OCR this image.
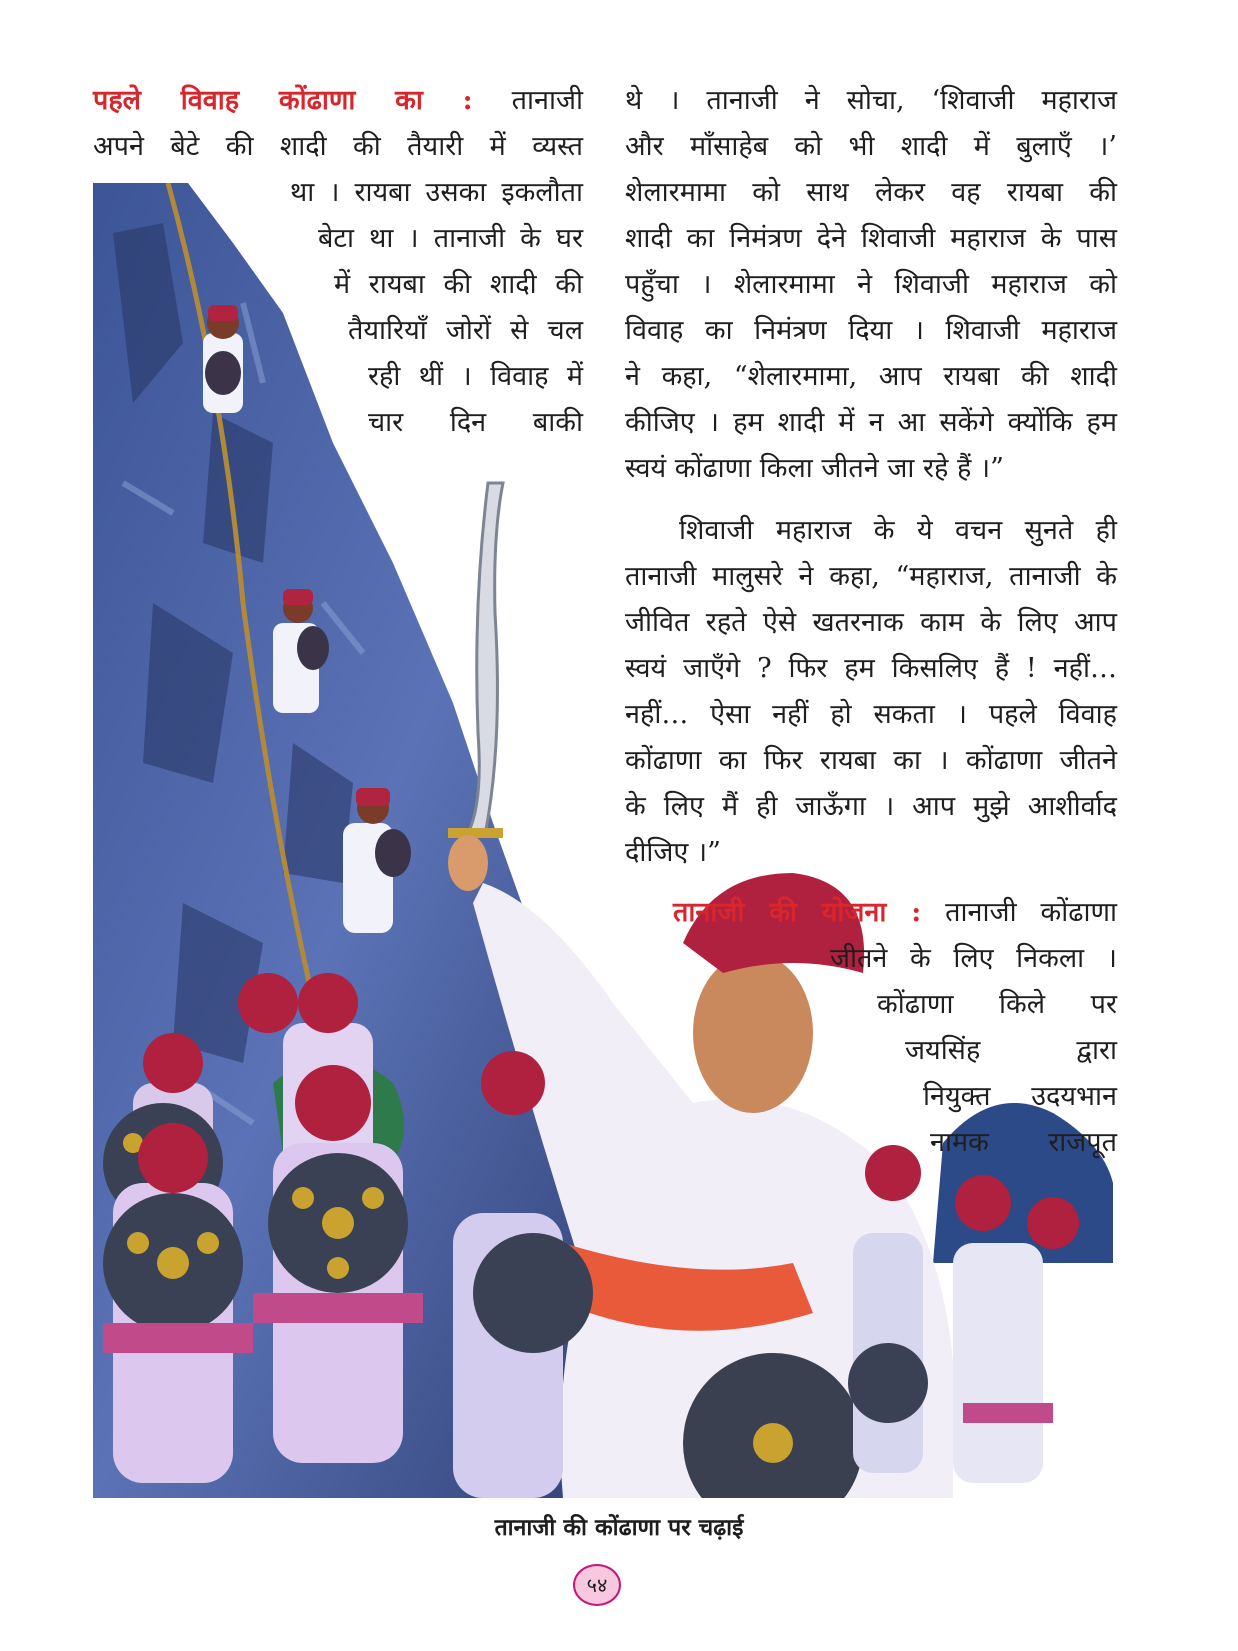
पहले विवाह कोंढाणा का : तानाजी
अपने बेटे की शादी की तैयारी में व्यस्त
था । रायबा उसका इकलौता
बेटा था । तानाजी के घर
में रायबा की शादी की
तैयारियाँ जोरों से चल
रही थीं । विवाह में
चार दिन बाकी
थे । तानाजी ने सोचा, ‘शिवाजी महाराज
और माँसाहेब को भी शादी में बुलाएँ ।’
शेलारमामा को साथ लेकर वह रायबा की
शादी का निमंत्रण देने शिवाजी महाराज के पास
पहुँचा । शेलारमामा ने शिवाजी महाराज को
विवाह का निमंत्रण दिया । शिवाजी महाराज
ने कहा, “शेलारमामा, आप रायबा की शादी
कीजिए । हम शादी में न आ सकेंगे क्योंकि हम
स्वयं कोंढाणा किला जीतने जा रहे हैं ।”
शिवाजी महाराज के ये वचन सुनते ही
तानाजी मालुसरे ने कहा, “महाराज, तानाजी के
जीवित रहते ऐसे खतरनाक काम के लिए आप
स्वयं जाएँगे ? फिर हम किसलिए हैं ! नहीं…
नहीं… ऐसा नहीं हो सकता । पहले विवाह
कोंढाणा का फिर रायबा का । कोंढाणा जीतने
के लिए मैं ही जाऊँगा । आप मुझे आशीर्वाद
दीजिए ।”
तानाजी की योजना : तानाजी कोंढाणा
जीतने के लिए निकला ।
कोंढाणा किले पर
जयसिंह द्वारा
नियुक्त उदयभान
नामक राजपूत
तानाजी की कोंढाणा पर चढ़ाई
५४
